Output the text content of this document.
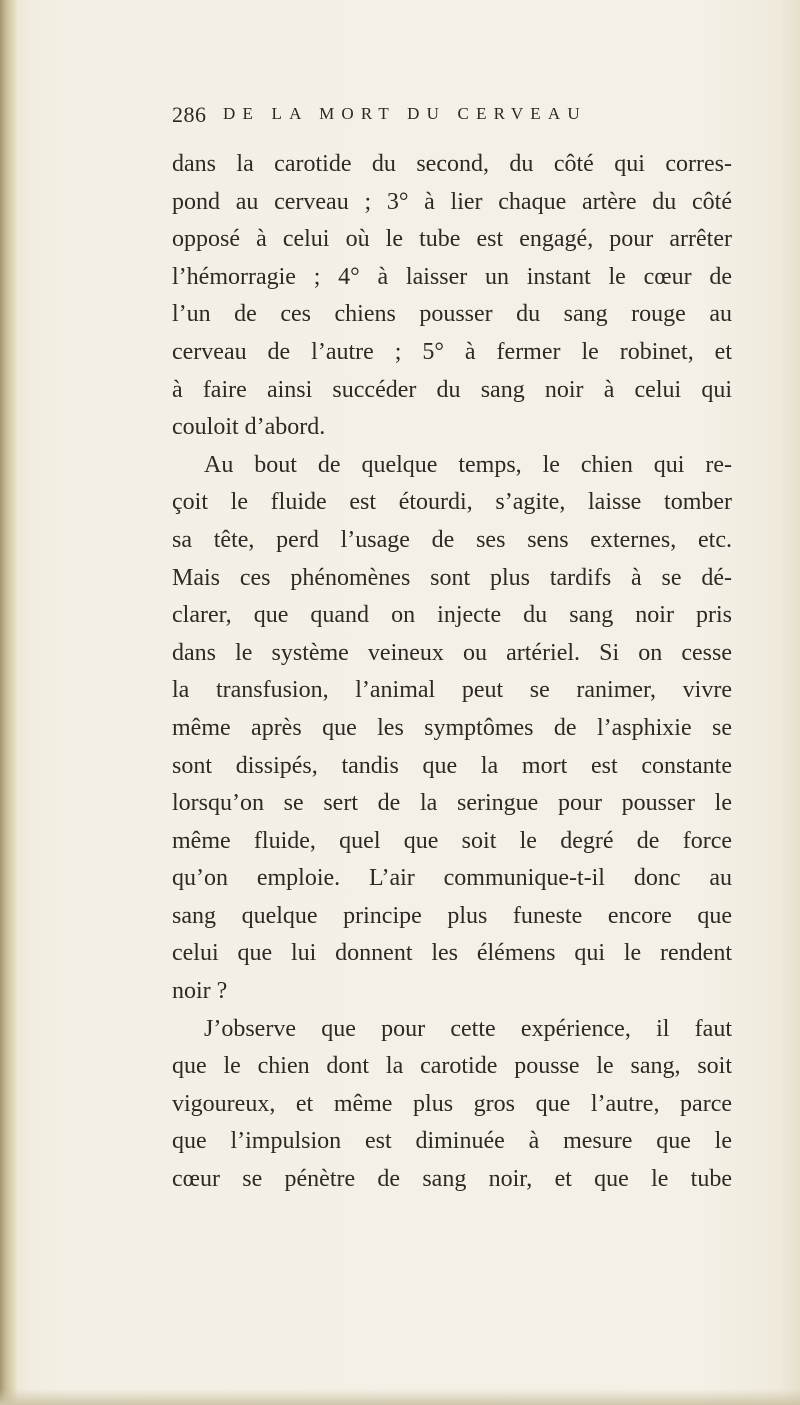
286 DE LA MORT DU CERVEAU
dans la carotide du second, du côté qui corres-
pond au cerveau ; 3° à lier chaque artère du côté
opposé à celui où le tube est engagé, pour arrêter
l’hémorragie ; 4° à laisser un instant le cœur de
l’un de ces chiens pousser du sang rouge au
cerveau de l’autre ; 5° à fermer le robinet, et
à faire ainsi succéder du sang noir à celui qui
couloit d’abord.
Au bout de quelque temps, le chien qui re-
çoit le fluide est étourdi, s’agite, laisse tomber
sa tête, perd l’usage de ses sens externes, etc.
Mais ces phénomènes sont plus tardifs à se dé-
clarer, que quand on injecte du sang noir pris
dans le système veineux ou artériel. Si on cesse
la transfusion, l’animal peut se ranimer, vivre
même après que les symptômes de l’asphixie se
sont dissipés, tandis que la mort est constante
lorsqu’on se sert de la seringue pour pousser le
même fluide, quel que soit le degré de force
qu’on emploie. L’air communique-t-il donc au
sang quelque principe plus funeste encore que
celui que lui donnent les élémens qui le rendent
noir ?
J’observe que pour cette expérience, il faut
que le chien dont la carotide pousse le sang, soit
vigoureux, et même plus gros que l’autre, parce
que l’impulsion est diminuée à mesure que le
cœur se pénètre de sang noir, et que le tube
